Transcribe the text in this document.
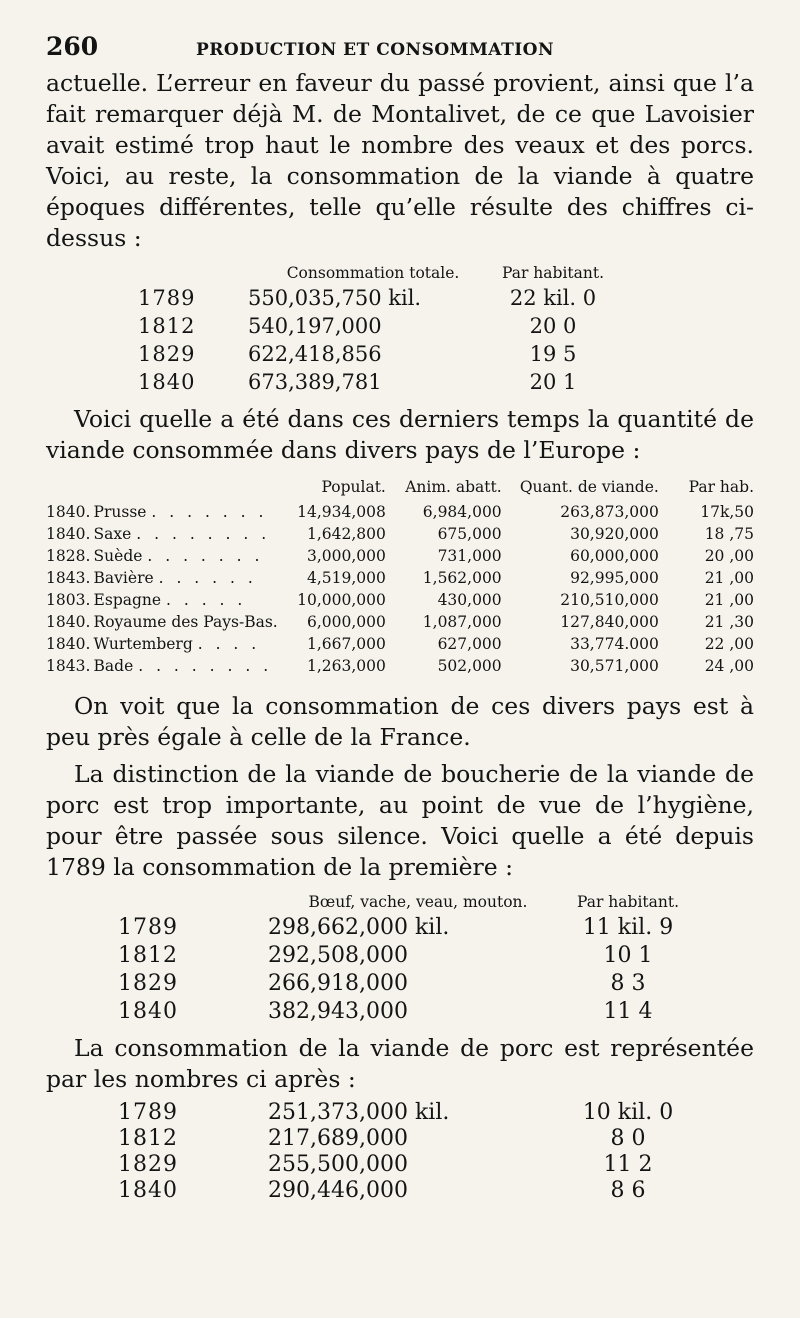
260	PRODUCTION ET CONSOMMATION

actuelle. L’erreur en faveur du passé provient, ainsi que l’a fait remarquer déjà M. de Montalivet, de ce que Lavoisier avait estimé trop haut le nombre des veaux et des porcs. Voici, au reste, la consommation de la viande à quatre époques différentes, telle qu’elle résulte des chiffres ci-dessus :

	Consommation totale.	Par habitant.
1789	550,035,750 kil.	22 kil. 0
1812	540,197,000	20 0
1829	622,418,856	19 5
1840	673,389,781	20 1

Voici quelle a été dans ces derniers temps la quantité de viande consommée dans divers pays de l’Europe :

		Populat.	Anim. abatt.	Quant. de viande.	Par hab.
1840.	Prusse . . . . . . .	14,934,008	6,984,000	263,873,000	17k,50
1840.	Saxe . . . . . . . .	1,642,800	675,000	30,920,000	18 ,75
1828.	Suède . . . . . . .	3,000,000	731,000	60,000,000	20 ,00
1843.	Bavière . . . . . .	4,519,000	1,562,000	92,995,000	21 ,00
1803.	Espagne . . . . .	10,000,000	430,000	210,510,000	21 ,00
1840.	Royaume des Pays-Bas.	6,000,000	1,087,000	127,840,000	21 ,30
1840.	Wurtemberg . . . .	1,667,000	627,000	33,774.000	22 ,00
1843.	Bade . . . . . . . .	1,263,000	502,000	30,571,000	24 ,00

On voit que la consommation de ces divers pays est à peu près égale à celle de la France.

La distinction de la viande de boucherie de la viande de porc est trop importante, au point de vue de l’hygiène, pour être passée sous silence. Voici quelle a été depuis 1789 la consommation de la première :

	Bœuf, vache, veau, mouton.	Par habitant.
1789	298,662,000 kil.	11 kil. 9
1812	292,508,000	10 1
1829	266,918,000	8 3
1840	382,943,000	11 4

La consommation de la viande de porc est représentée par les nombres ci après :

1789	251,373,000 kil.	10 kil. 0
1812	217,689,000	8 0
1829	255,500,000	11 2
1840	290,446,000	8 6
